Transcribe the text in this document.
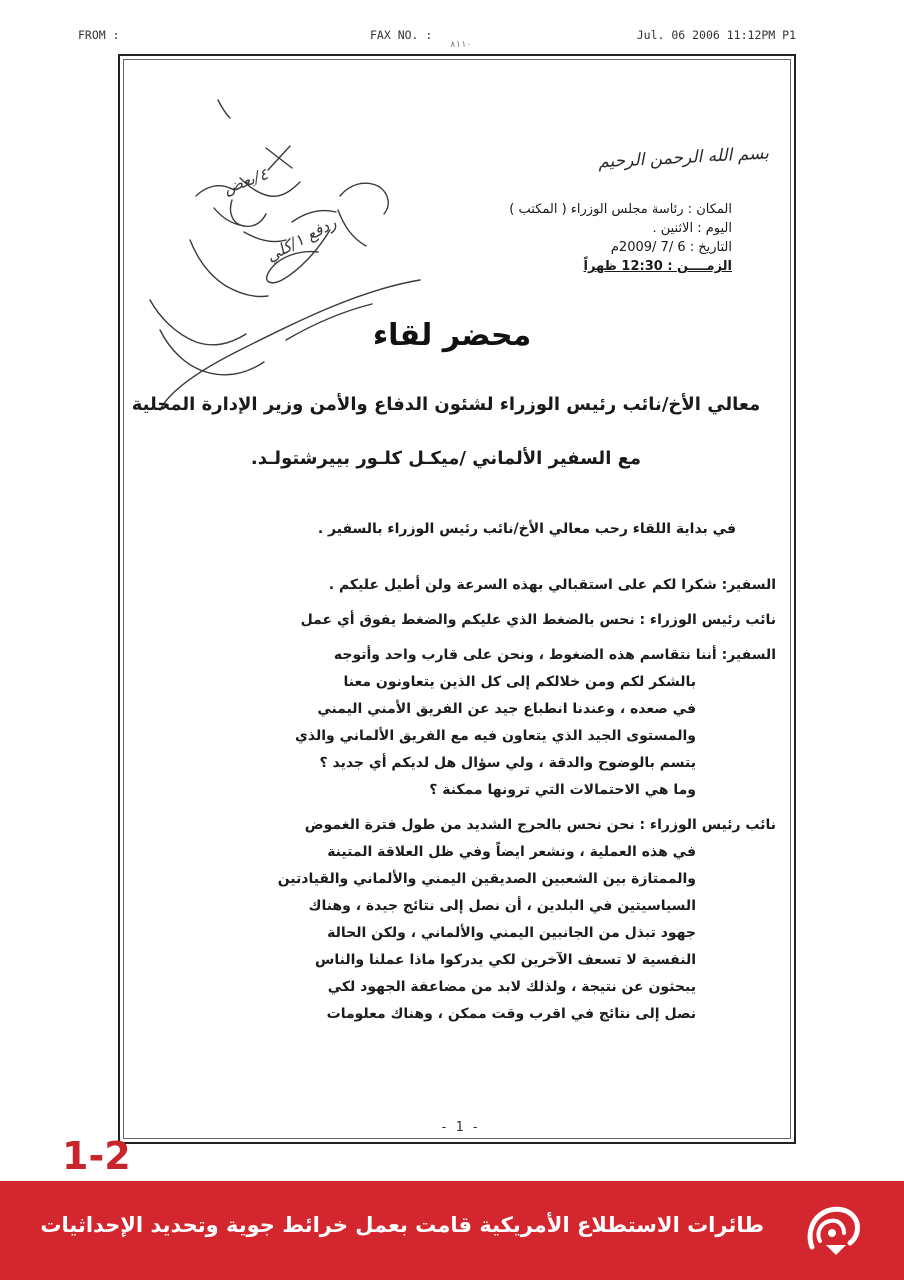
FROM :	FAX NO. :	Jul. 06 2006 11:12PM P1
٨١١٠
٤/بعض
ردفع ١/كلي
بسم الله الرحمن الرحيم
المكان : رئاسة مجلس الوزراء ( المكتب )
اليوم : الاثنين .
التاريخ : 6 /7 /2009م
الزمــــن : 12:30 ظهراً
محضر لقاء
معالي الأخ/نائب رئيس الوزراء لشئون الدفاع والأمن وزير الإدارة المحلية
مع السفير الألماني /ميكـل كلـور بييرشتولـد.
في بداية اللقاء رحب معالي الأخ/نائب رئيس الوزراء بالسفير .
السفير: شكرا لكم على استقبالي بهذه السرعة ولن أطيل عليكم .
نائب رئيس الوزراء : نحس بالضغط الذي عليكم والضغط يفوق أي عمل
السفير: أننا نتقاسم هذه الضغوط ، ونحن على قارب واحد وأتوجه
بالشكر لكم ومن خلالكم إلى كل الذين يتعاونون معنا
في صعده ، وعندنا انطباع جيد عن الفريق الأمني اليمني
والمستوى الجيد الذي يتعاون فيه مع الفريق الألماني والذي
يتسم بالوضوح والدقة ، ولي سؤال هل لديكم أي جديد ؟
وما هي الاحتمالات التي ترونها ممكنة ؟
نائب رئيس الوزراء : نحن نحس بالحرج الشديد من طول فترة الغموض
في هذه العملية ، ونشعر ايضاً وفي ظل العلاقة المتينة
والممتازة بين الشعبين الصديقين اليمني والألماني والقيادتين
السياسيتين في البلدين ، أن نصل إلى نتائج جيدة ، وهناك
جهود تبذل من الجانبين اليمني والألماني ، ولكن الحالة
النفسية لا تسعف الآخرين لكي يدركوا ماذا عملنا والناس
يبحثون عن نتيجة ، ولذلك لابد من مضاعفة الجهود لكي
نصل إلى نتائج في اقرب وقت ممكن ، وهناك معلومات
- 1 -
1-2
طائرات الاستطلاع الأمريكية قامت بعمل خرائط جوية وتحديد الإحداثيات
